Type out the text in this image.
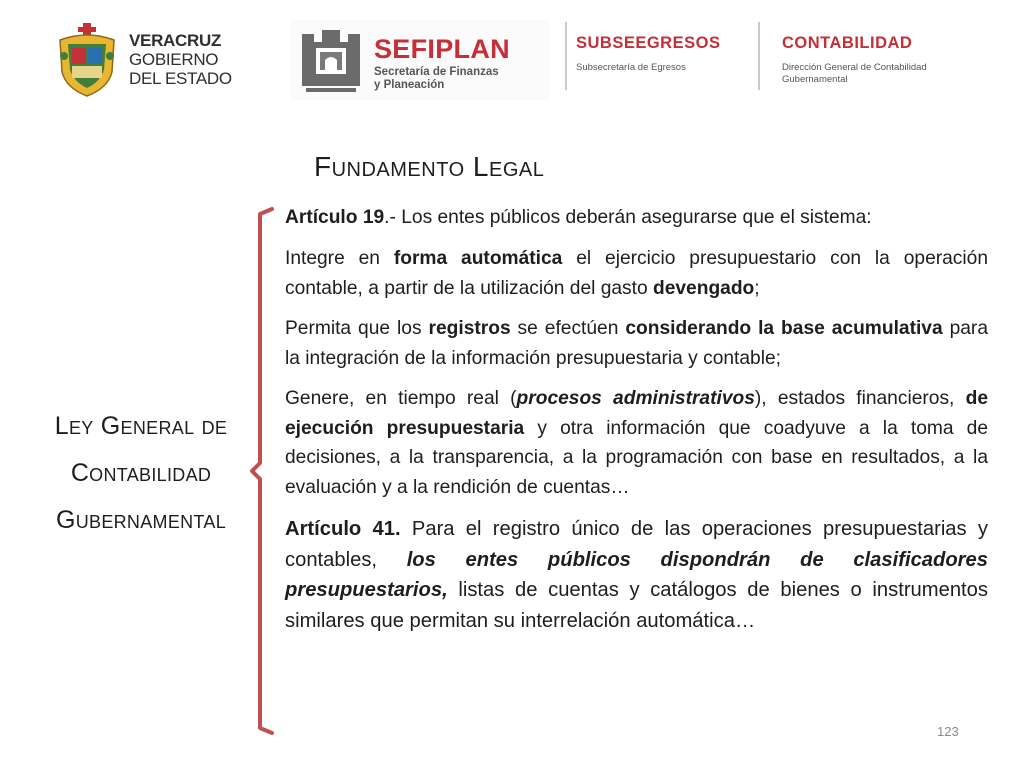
VERACRUZ
GOBIERNO
DEL ESTADO
SEFIPLAN
Secretaría de Finanzas
y Planeación
SUBSEEGRESOS
Subsecretaría de Egresos
CONTABILIDAD
Dirección General de Contabilidad
Gubernamental
Fundamento Legal
Ley General de
Contabilidad
Gubernamental

Artículo 19.- Los entes públicos deberán asegurarse que el sistema:

Integre en forma automática el ejercicio presupuestario con la operación contable, a partir de la utilización del gasto devengado;

Permita que los registros se efectúen considerando la base acumulativa para la integración de la información presupuestaria y contable;

Genere, en tiempo real (procesos administrativos), estados financieros, de ejecución presupuestaria y otra información que coadyuve a la toma de decisiones, a la transparencia, a la programación con base en resultados, a la evaluación y a la rendición de cuentas…

Artículo 41. Para el registro único de las operaciones presupuestarias y contables, los entes públicos dispondrán de clasificadores presupuestarios, listas de cuentas y catálogos de bienes o instrumentos similares que permitan su interrelación automática…

123
